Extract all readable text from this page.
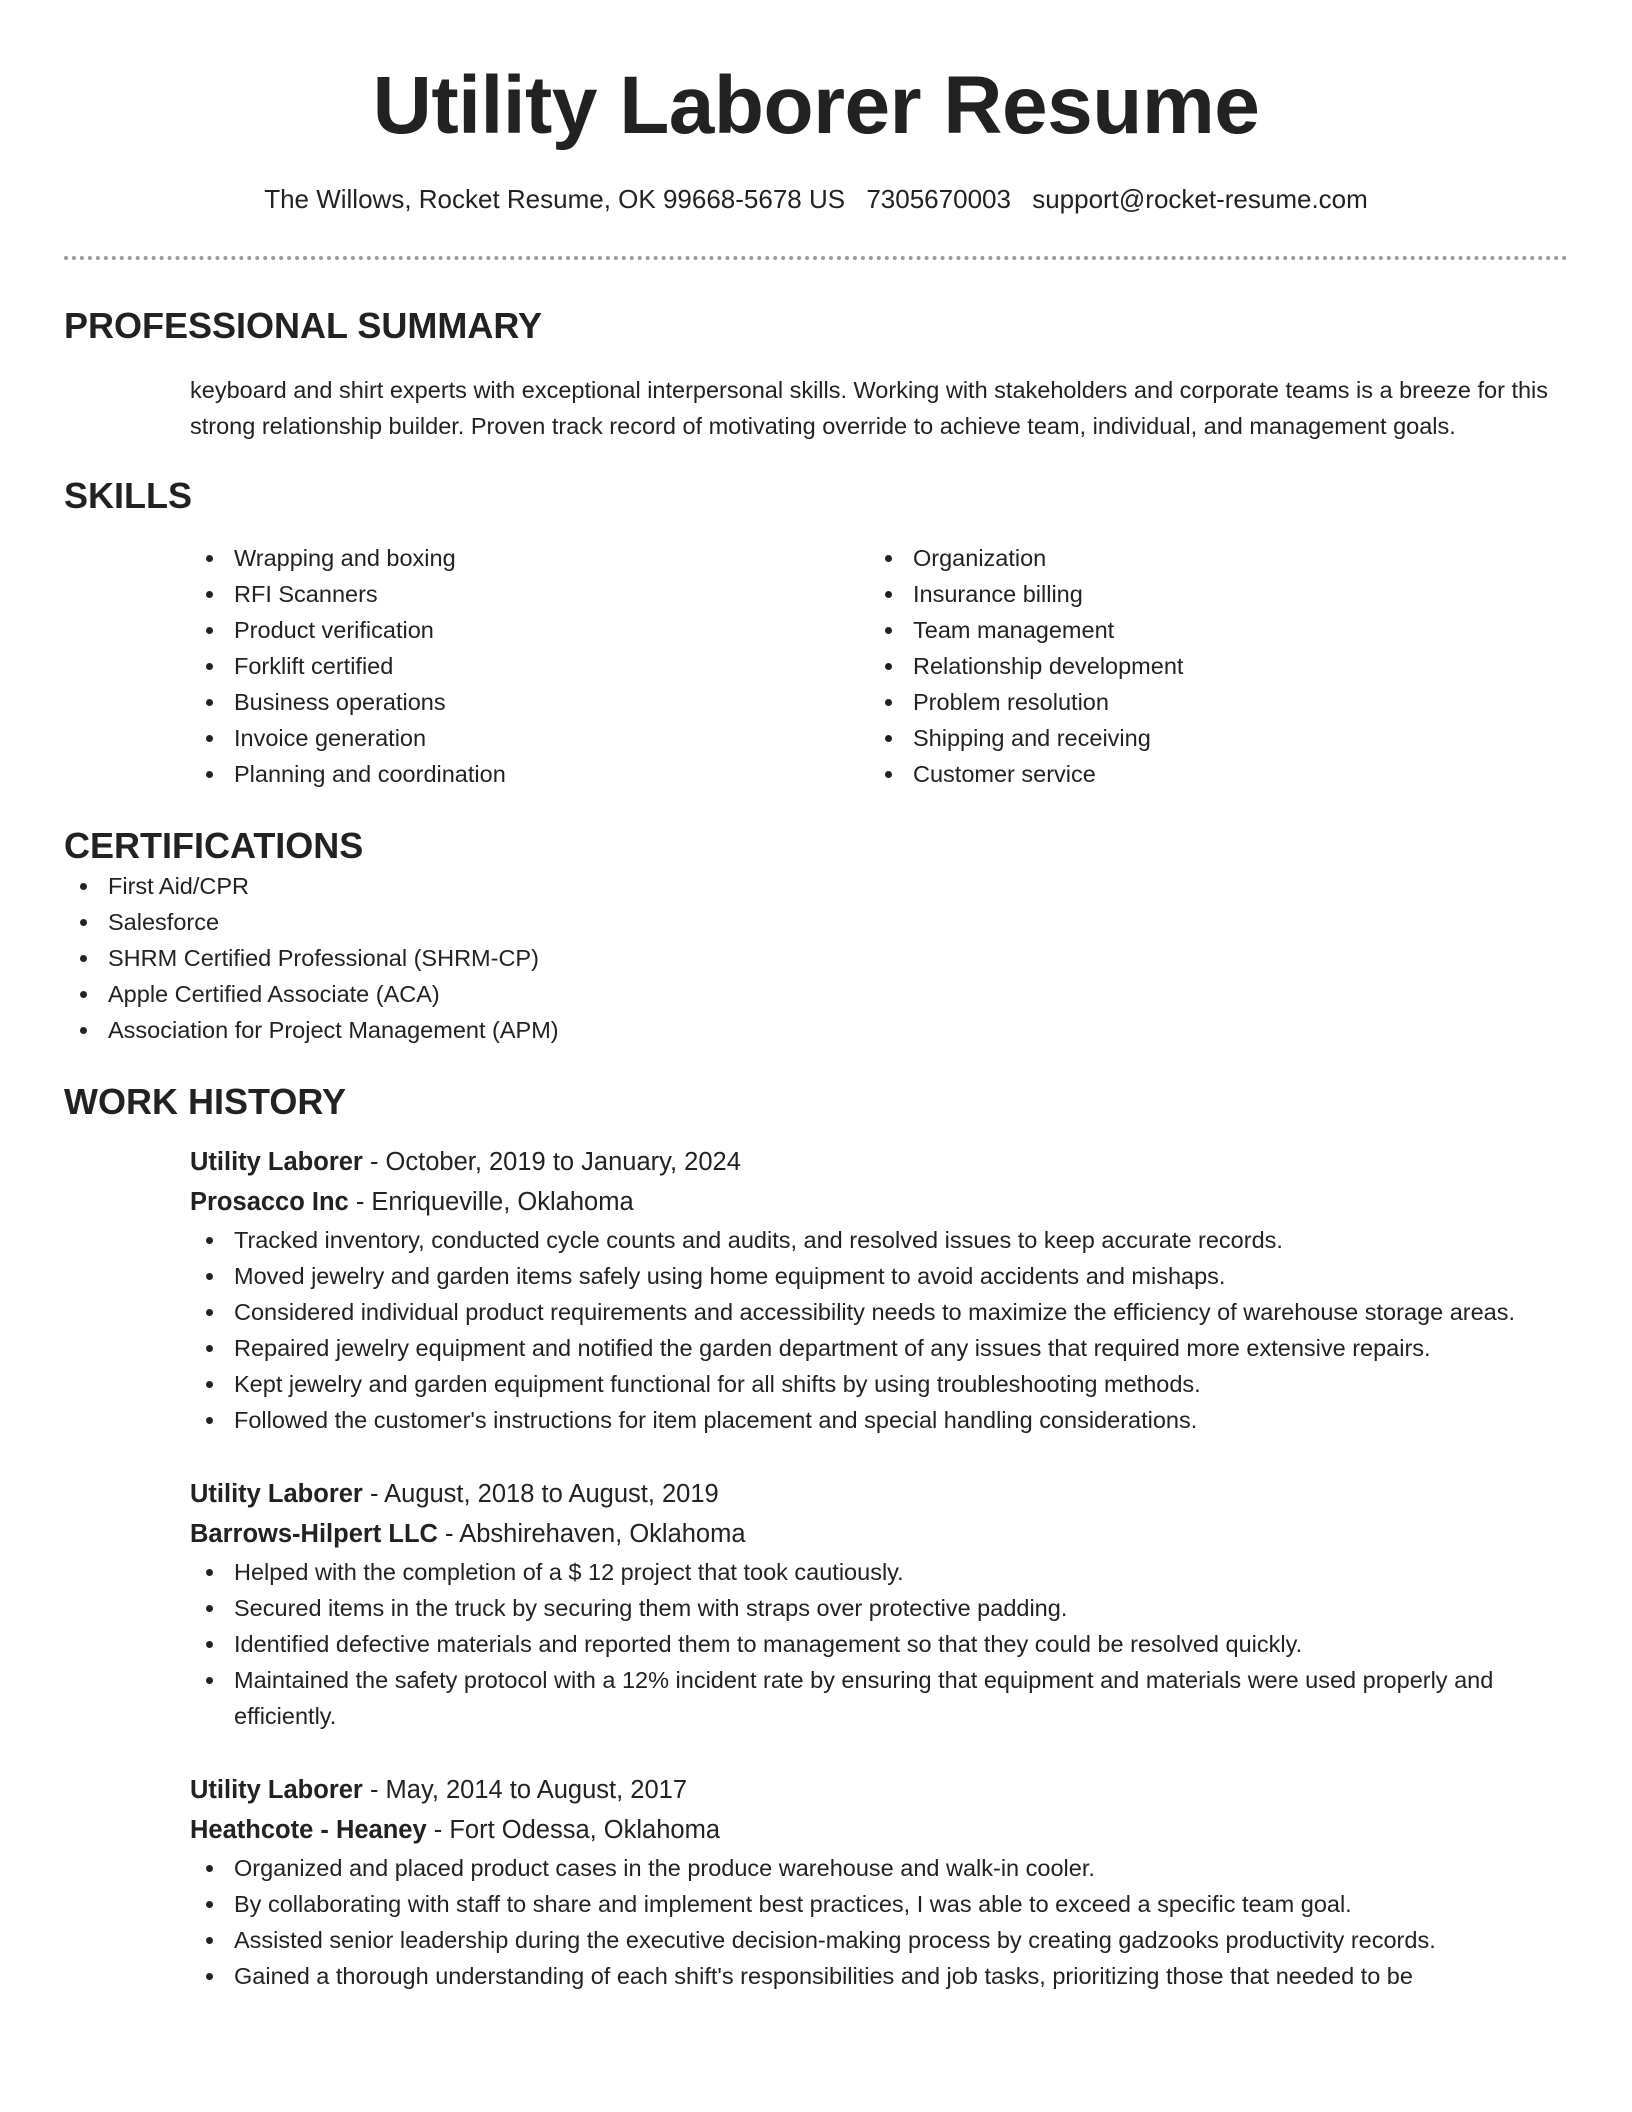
Utility Laborer Resume
The Willows, Rocket Resume, OK 99668-5678 US 7305670003 support@rocket-resume.com
PROFESSIONAL SUMMARY

keyboard and shirt experts with exceptional interpersonal skills. Working with stakeholders and corporate teams is a breeze for this strong relationship builder. Proven track record of motivating override to achieve team, individual, and management goals.

SKILLS
Wrapping and boxing
RFI Scanners
Product verification
Forklift certified
Business operations
Invoice generation
Planning and coordination
Organization
Insurance billing
Team management
Relationship development
Problem resolution
Shipping and receiving
Customer service
CERTIFICATIONS
First Aid/CPR
Salesforce
SHRM Certified Professional (SHRM-CP)
Apple Certified Associate (ACA)
Association for Project Management (APM)
WORK HISTORY
Utility Laborer - October, 2019 to January, 2024
Prosacco Inc - Enriqueville, Oklahoma
Tracked inventory, conducted cycle counts and audits, and resolved issues to keep accurate records.
Moved jewelry and garden items safely using home equipment to avoid accidents and mishaps.
Considered individual product requirements and accessibility needs to maximize the efficiency of warehouse storage areas.
Repaired jewelry equipment and notified the garden department of any issues that required more extensive repairs.
Kept jewelry and garden equipment functional for all shifts by using troubleshooting methods.
Followed the customer's instructions for item placement and special handling considerations.
Utility Laborer - August, 2018 to August, 2019
Barrows-Hilpert LLC - Abshirehaven, Oklahoma
Helped with the completion of a $ 12 project that took cautiously.
Secured items in the truck by securing them with straps over protective padding.
Identified defective materials and reported them to management so that they could be resolved quickly.
Maintained the safety protocol with a 12% incident rate by ensuring that equipment and materials were used properly and efficiently.
Utility Laborer - May, 2014 to August, 2017
Heathcote - Heaney - Fort Odessa, Oklahoma
Organized and placed product cases in the produce warehouse and walk-in cooler.
By collaborating with staff to share and implement best practices, I was able to exceed a specific team goal.
Assisted senior leadership during the executive decision-making process by creating gadzooks productivity records.
Gained a thorough understanding of each shift's responsibilities and job tasks, prioritizing those that needed to be
